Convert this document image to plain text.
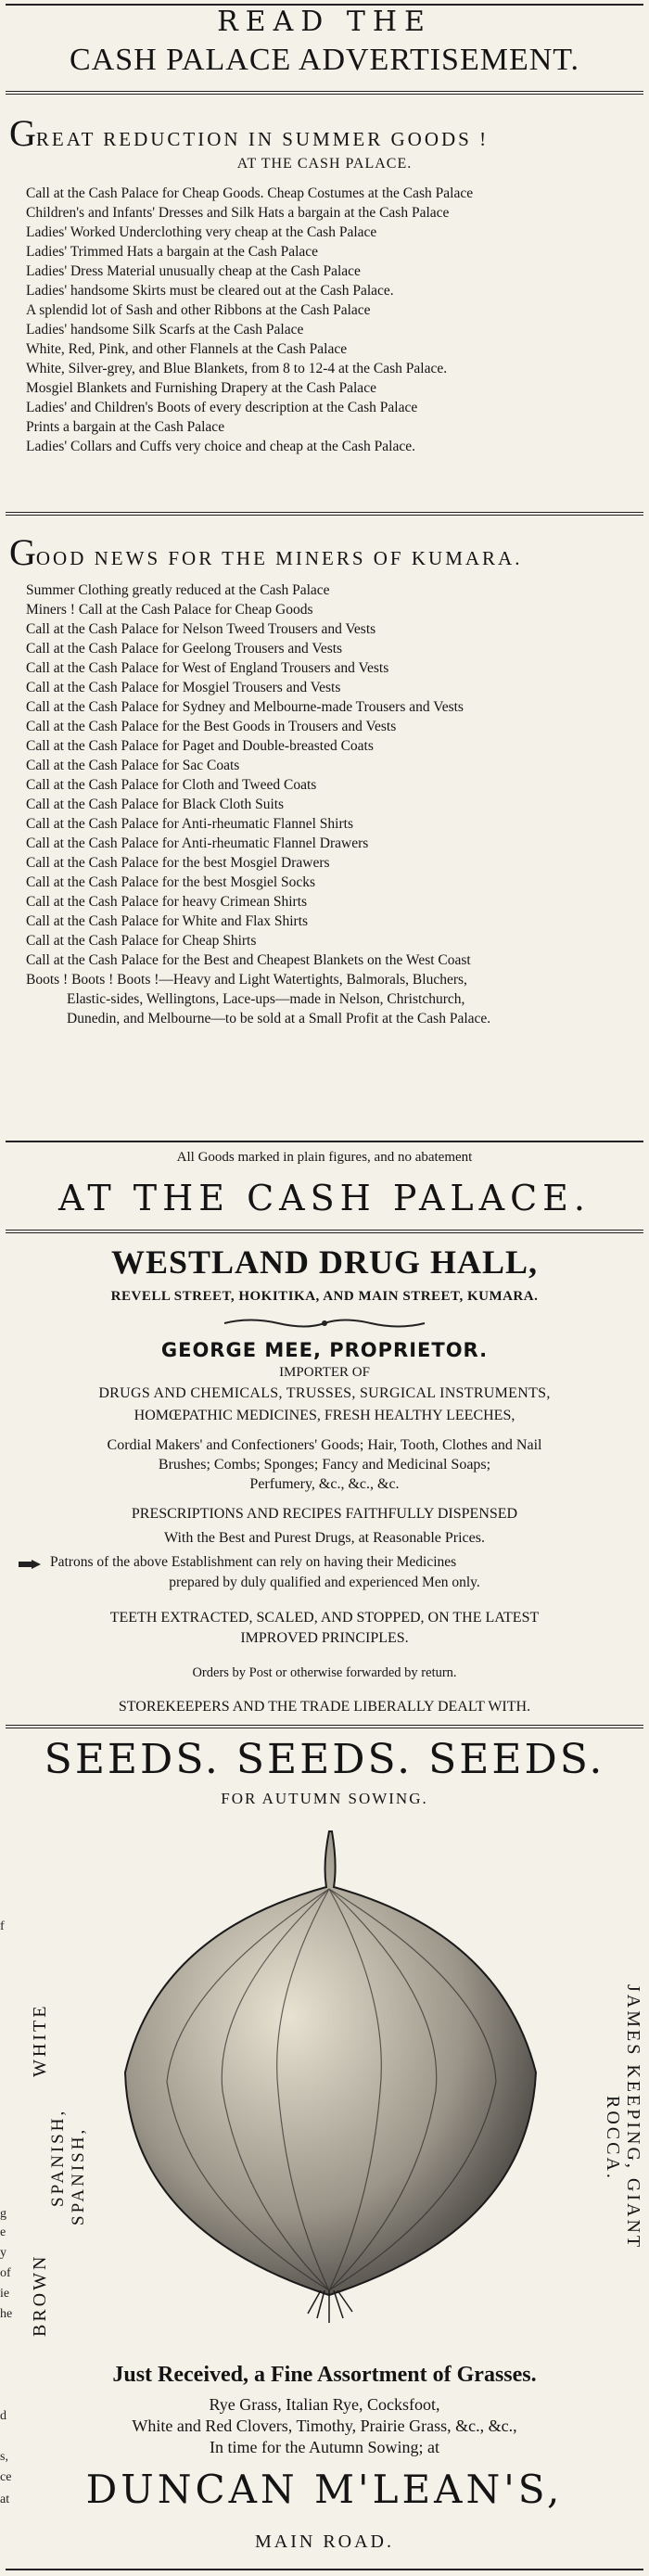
READ THE
CASH PALACE ADVERTISEMENT.
GREAT REDUCTION IN SUMMER GOODS !
AT THE CASH PALACE.
Call at the Cash Palace for Cheap Goods. Cheap Costumes at the Cash Palace
Children's and Infants' Dresses and Silk Hats a bargain at the Cash Palace
Ladies' Worked Underclothing very cheap at the Cash Palace
Ladies' Trimmed Hats a bargain at the Cash Palace
Ladies' Dress Material unusually cheap at the Cash Palace
Ladies' handsome Skirts must be cleared out at the Cash Palace.
A splendid lot of Sash and other Ribbons at the Cash Palace
Ladies' handsome Silk Scarfs at the Cash Palace
White, Red, Pink, and other Flannels at the Cash Palace
White, Silver-grey, and Blue Blankets, from 8 to 12-4 at the Cash Palace.
Mosgiel Blankets and Furnishing Drapery at the Cash Palace
Ladies' and Children's Boots of every description at the Cash Palace
Prints a bargain at the Cash Palace
Ladies' Collars and Cuffs very choice and cheap at the Cash Palace.
GOOD NEWS FOR THE MINERS OF KUMARA.
Summer Clothing greatly reduced at the Cash Palace
Miners ! Call at the Cash Palace for Cheap Goods
Call at the Cash Palace for Nelson Tweed Trousers and Vests
Call at the Cash Palace for Geelong Trousers and Vests
Call at the Cash Palace for West of England Trousers and Vests
Call at the Cash Palace for Mosgiel Trousers and Vests
Call at the Cash Palace for Sydney and Melbourne-made Trousers and Vests
Call at the Cash Palace for the Best Goods in Trousers and Vests
Call at the Cash Palace for Paget and Double-breasted Coats
Call at the Cash Palace for Sac Coats
Call at the Cash Palace for Cloth and Tweed Coats
Call at the Cash Palace for Black Cloth Suits
Call at the Cash Palace for Anti-rheumatic Flannel Shirts
Call at the Cash Palace for Anti-rheumatic Flannel Drawers
Call at the Cash Palace for the best Mosgiel Drawers
Call at the Cash Palace for the best Mosgiel Socks
Call at the Cash Palace for heavy Crimean Shirts
Call at the Cash Palace for White and Flax Shirts
Call at the Cash Palace for Cheap Shirts
Call at the Cash Palace for the Best and Cheapest Blankets on the West Coast
Boots ! Boots ! Boots !—Heavy and Light Watertights, Balmorals, Bluchers,
Elastic-sides, Wellingtons, Lace-ups—made in Nelson, Christchurch,
Dunedin, and Melbourne—to be sold at a Small Profit at the Cash Palace.
All Goods marked in plain figures, and no abatement
AT THE CASH PALACE.
WESTLAND DRUG HALL,
REVELL STREET, HOKITIKA, AND MAIN STREET, KUMARA.
GEORGE MEE, PROPRIETOR.
IMPORTER OF
DRUGS AND CHEMICALS, TRUSSES, SURGICAL INSTRUMENTS,
HOMŒPATHIC MEDICINES, FRESH HEALTHY LEECHES,
Cordial Makers' and Confectioners' Goods; Hair, Tooth, Clothes and Nail
Brushes; Combs; Sponges; Fancy and Medicinal Soaps;
Perfumery, &c., &c., &c.
PRESCRIPTIONS AND RECIPES FAITHFULLY DISPENSED
With the Best and Purest Drugs, at Reasonable Prices.
Patrons of the above Establishment can rely on having their Medicines
prepared by duly qualified and experienced Men only.
TEETH EXTRACTED, SCALED, AND STOPPED, ON THE LATEST
IMPROVED PRINCIPLES.
Orders by Post or otherwise forwarded by return.
STOREKEEPERS AND THE TRADE LIBERALLY DEALT WITH.
SEEDS. SEEDS. SEEDS.
FOR AUTUMN SOWING.
WHITE
SPANISH, SPANISH,
BROWN
JAMES KEEPING, GIANT
ROCCA.
Just Received, a Fine Assortment of Grasses.
Rye Grass, Italian Rye, Cocksfoot,
White and Red Clovers, Timothy, Prairie Grass, &c., &c.,
In time for the Autumn Sowing; at
DUNCAN M'LEAN'S,
MAIN ROAD.
f
g
e
y
of
ie
he
d
s,
ce
at
